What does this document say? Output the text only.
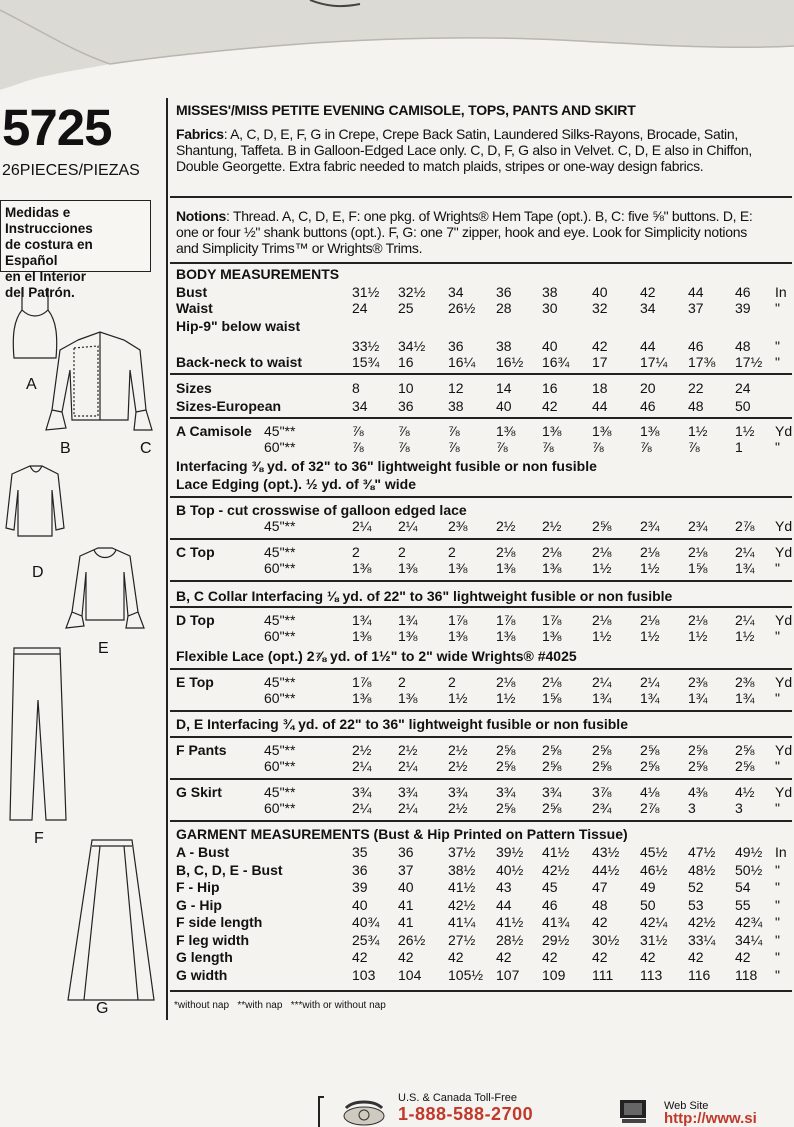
5725
26PIECES/PIEZAS
Medidas e Instrucciones
de costura en Español
en el Interior
del Patrón.
A
B	C
D
E
F
G
MISSES'/MISS PETITE EVENING CAMISOLE, TOPS, PANTS AND SKIRT
Fabrics: A, C, D, E, F, G in Crepe, Crepe Back Satin, Laundered Silks-Rayons, Brocade, Satin,
Shantung, Taffeta. B in Galloon-Edged Lace only. C, D, F, G also in Velvet. C, D, E also in Chiffon,
Double Georgette. Extra fabric needed to match plaids, stripes or one-way design fabrics.
Notions: Thread. A, C, D, E, F: one pkg. of Wrights® Hem Tape (opt.). B, C: five ⅝" buttons. D, E:
one or four ½" shank buttons (opt.). F, G: one 7" zipper, hook and eye. Look for Simplicity notions
and Simplicity Trims™ or Wrights® Trims.
BODY MEASUREMENTS
Bust	31½ 32½ 34 36 38 40 42 44 46 In
Waist	24 25 26½ 28 30 32 34 37 39 "
Hip-9" below waist
33½ 34½ 36 38 40 42 44 46 48 "
Back-neck to waist	15¾ 16 16¼ 16½ 16¾ 17 17¼ 17⅜ 17½ "
Sizes	8	10 12 14 16 18 20 22 24
Sizes-European	34 36 38 40 42 44 46 48 50
A Camisole 45"**	⅞ ⅞	⅞	1⅜ 1⅜ 1⅜ 1⅜ 1½ 1½ Yd
60"**	⅞ ⅞	⅞	⅞ ⅞	⅞	⅞	⅞	1 "
Interfacing ⅜ yd. of 32" to 36" lightweight fusible or non fusible
Lace Edging (opt.). ½ yd. of ⅜" wide
B Top - cut crosswise of galloon edged lace
45"**	2¼ 2¼ 2⅜ 2½ 2½ 2⅝ 2¾ 2¾ 2⅞ Yd
C Top	45"**	2	2	2	2⅛ 2⅛ 2⅛ 2⅛ 2⅛ 2¼ Yd
60"**	1⅜ 1⅜ 1⅜ 1⅜ 1⅜ 1½ 1½ 1⅝ 1¾ "
B, C Collar Interfacing ⅛ yd. of 22" to 36" lightweight fusible or non fusible
D Top	45"**	1¾ 1¾ 1⅞ 1⅞ 1⅞ 2⅛ 2⅛ 2⅛ 2¼ Yd
60"**	1⅜ 1⅜ 1⅜ 1⅜ 1⅜ 1½ 1½ 1½ 1½ "
Flexible Lace (opt.) 2⅞ yd. of 1½" to 2" wide Wrights® #4025
E Top	45"**	1⅞ 2	2	2⅛ 2⅛ 2¼ 2¼ 2⅜ 2⅜ Yd
60"**	1⅜ 1⅜ 1½ 1½ 1⅝ 1¾ 1¾ 1¾ 1¾ "
D, E Interfacing ¾ yd. of 22" to 36" lightweight fusible or non fusible
F Pants	45"**	2½ 2½ 2½ 2⅝ 2⅝ 2⅝ 2⅝ 2⅝ 2⅝ Yd
60"**	2¼ 2¼ 2½ 2⅝ 2⅝ 2⅝ 2⅝ 2⅝ 2⅝ "
G Skirt	45"**	3¾ 3¾ 3¾ 3¾ 3¾ 3⅞ 4⅛ 4⅜ 4½ Yd
60"**	2¼ 2¼ 2½ 2⅝ 2⅝ 2¾ 2⅞ 3	3 "
GARMENT MEASUREMENTS (Bust & Hip Printed on Pattern Tissue)
A - Bust	35 36 37½ 39½ 41½ 43½ 45½ 47½ 49½ In
B, C, D, E - Bust	36 37 38½ 40½ 42½ 44½ 46½ 48½ 50½ "
F - Hip	39 40 41½ 43 45 47 49 52 54 "
G - Hip	40 41 42½ 44 46 48 50 53 55 "
F side length	40¾ 41 41¼ 41½ 41¾ 42 42¼ 42½ 42¾ "
F leg width	25¾ 26½ 27½ 28½ 29½ 30½ 31½ 33¼ 34¼ "
G length	42 42 42 42 42 42 42 42 42 "
G width	103 104 105½ 107 109 111 113 116 118 "
*without nap   **with nap   ***with or without nap
U.S. & Canada Toll-Free
1-888-588-2700	Web Site
http://www.si
